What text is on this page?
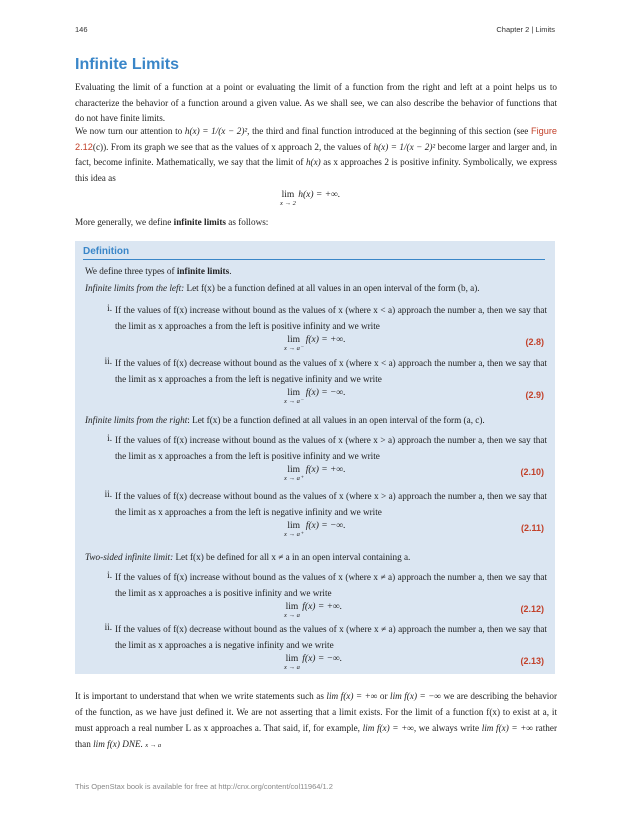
146	Chapter 2 | Limits
Infinite Limits

Evaluating the limit of a function at a point or evaluating the limit of a function from the right and left at a point helps us to characterize the behavior of a function around a given value. As we shall see, we can also describe the behavior of functions that do not have finite limits.

We now turn our attention to h(x) = 1/(x − 2)², the third and final function introduced at the beginning of this section (see Figure 2.12(c)). From its graph we see that as the values of x approach 2, the values of h(x) = 1/(x − 2)² become larger and larger and, in fact, become infinite. Mathematically, we say that the limit of h(x) as x approaches 2 is positive infinity. Symbolically, we express this idea as

lim
x → 2
h(x) = +∞.

More generally, we define infinite limits as follows:

Definition

We define three types of infinite limits.

Infinite limits from the left: Let f(x) be a function defined at all values in an open interval of the form (b, a).

i. If the values of f(x) increase without bound as the values of x (where x < a) approach the number a, then we say that the limit as x approaches a from the left is positive infinity and we write

lim
x → a⁻
f(x) = +∞.	(2.8)
ii. If the values of f(x) decrease without bound as the values of x (where x < a) approach the number a, then we say that the limit as x approaches a from the left is negative infinity and we write

lim
x → a⁻
f(x) = −∞.	(2.9)

Infinite limits from the right: Let f(x) be a function defined at all values in an open interval of the form (a, c).

i. If the values of f(x) increase without bound as the values of x (where x > a) approach the number a, then we say that the limit as x approaches a from the left is positive infinity and we write

lim
x → a⁺
f(x) = +∞.	(2.10)
ii. If the values of f(x) decrease without bound as the values of x (where x > a) approach the number a, then we say that the limit as x approaches a from the left is negative infinity and we write

lim
x → a⁺
f(x) = −∞.	(2.11)

Two-sided infinite limit: Let f(x) be defined for all x ≠ a in an open interval containing a.

i. If the values of f(x) increase without bound as the values of x (where x ≠ a) approach the number a, then we say that the limit as x approaches a is positive infinity and we write

lim
x → a
f(x) = +∞.	(2.12)
ii. If the values of f(x) decrease without bound as the values of x (where x ≠ a) approach the number a, then we say that the limit as x approaches a is negative infinity and we write

lim
x → a
f(x) = −∞.	(2.13)

It is important to understand that when we write statements such as lim f(x) = +∞ or lim f(x) = −∞ we are describing the behavior of the function, as we have just defined it. We are not asserting that a limit exists. For the limit of a function f(x) to exist at a, it must approach a real number L as x approaches a. That said, if, for example, lim f(x) = +∞, we always write lim f(x) = +∞ rather than lim f(x) DNE. x → a

This OpenStax book is available for free at http://cnx.org/content/col11964/1.2
